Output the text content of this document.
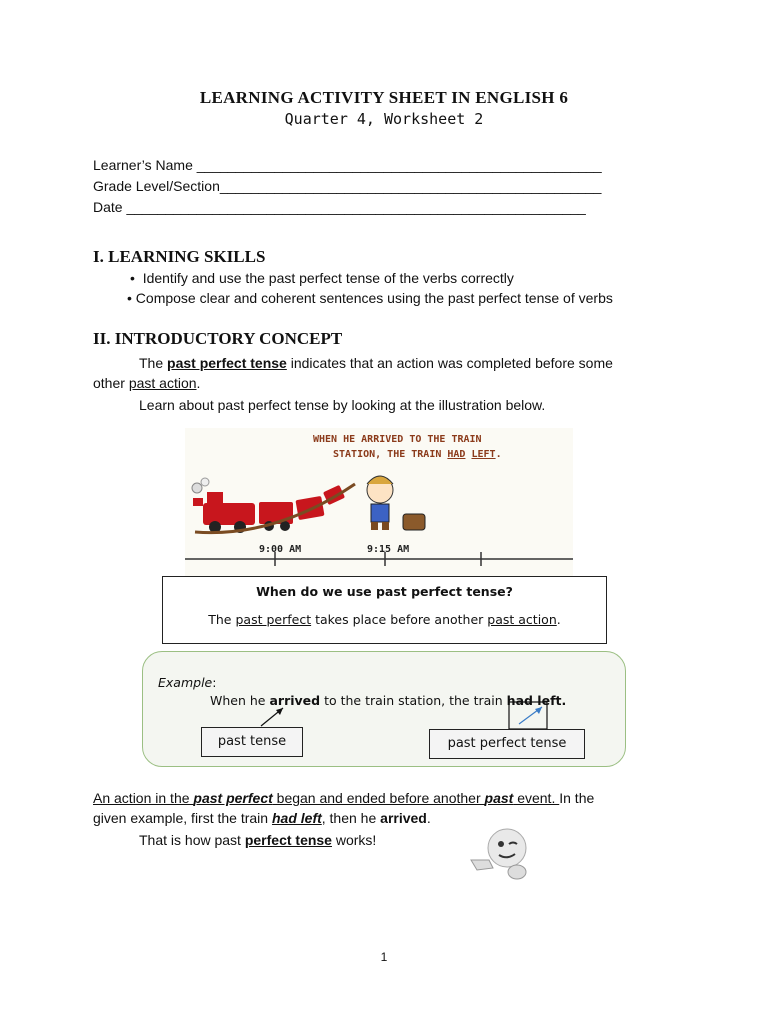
LEARNING ACTIVITY SHEET IN ENGLISH 6
Quarter 4, Worksheet 2
Learner’s Name ____________________________________________________
Grade Level/Section_________________________________________________
Date ___________________________________________________________
I. LEARNING SKILLS
•  Identify and use the past perfect tense of the verbs correctly
• Compose clear and coherent sentences using the past perfect tense of verbs
II. INTRODUCTORY CONCEPT
The past perfect tense indicates that an action was completed before some
other past action.
Learn about past perfect tense by looking at the illustration below.
WHEN HE ARRIVED TO THE TRAIN
STATION, THE TRAIN HAD LEFT.
9:00 AM	9:15 AM
When do we use past perfect tense?
The past perfect takes place before another past action.
Example:
When he arrived to the train station, the train had left.
past tense	past perfect tense
An action in the past perfect began and ended before another past event. In the
given example, first the train had left, then he arrived.
That is how past perfect tense works!
1
